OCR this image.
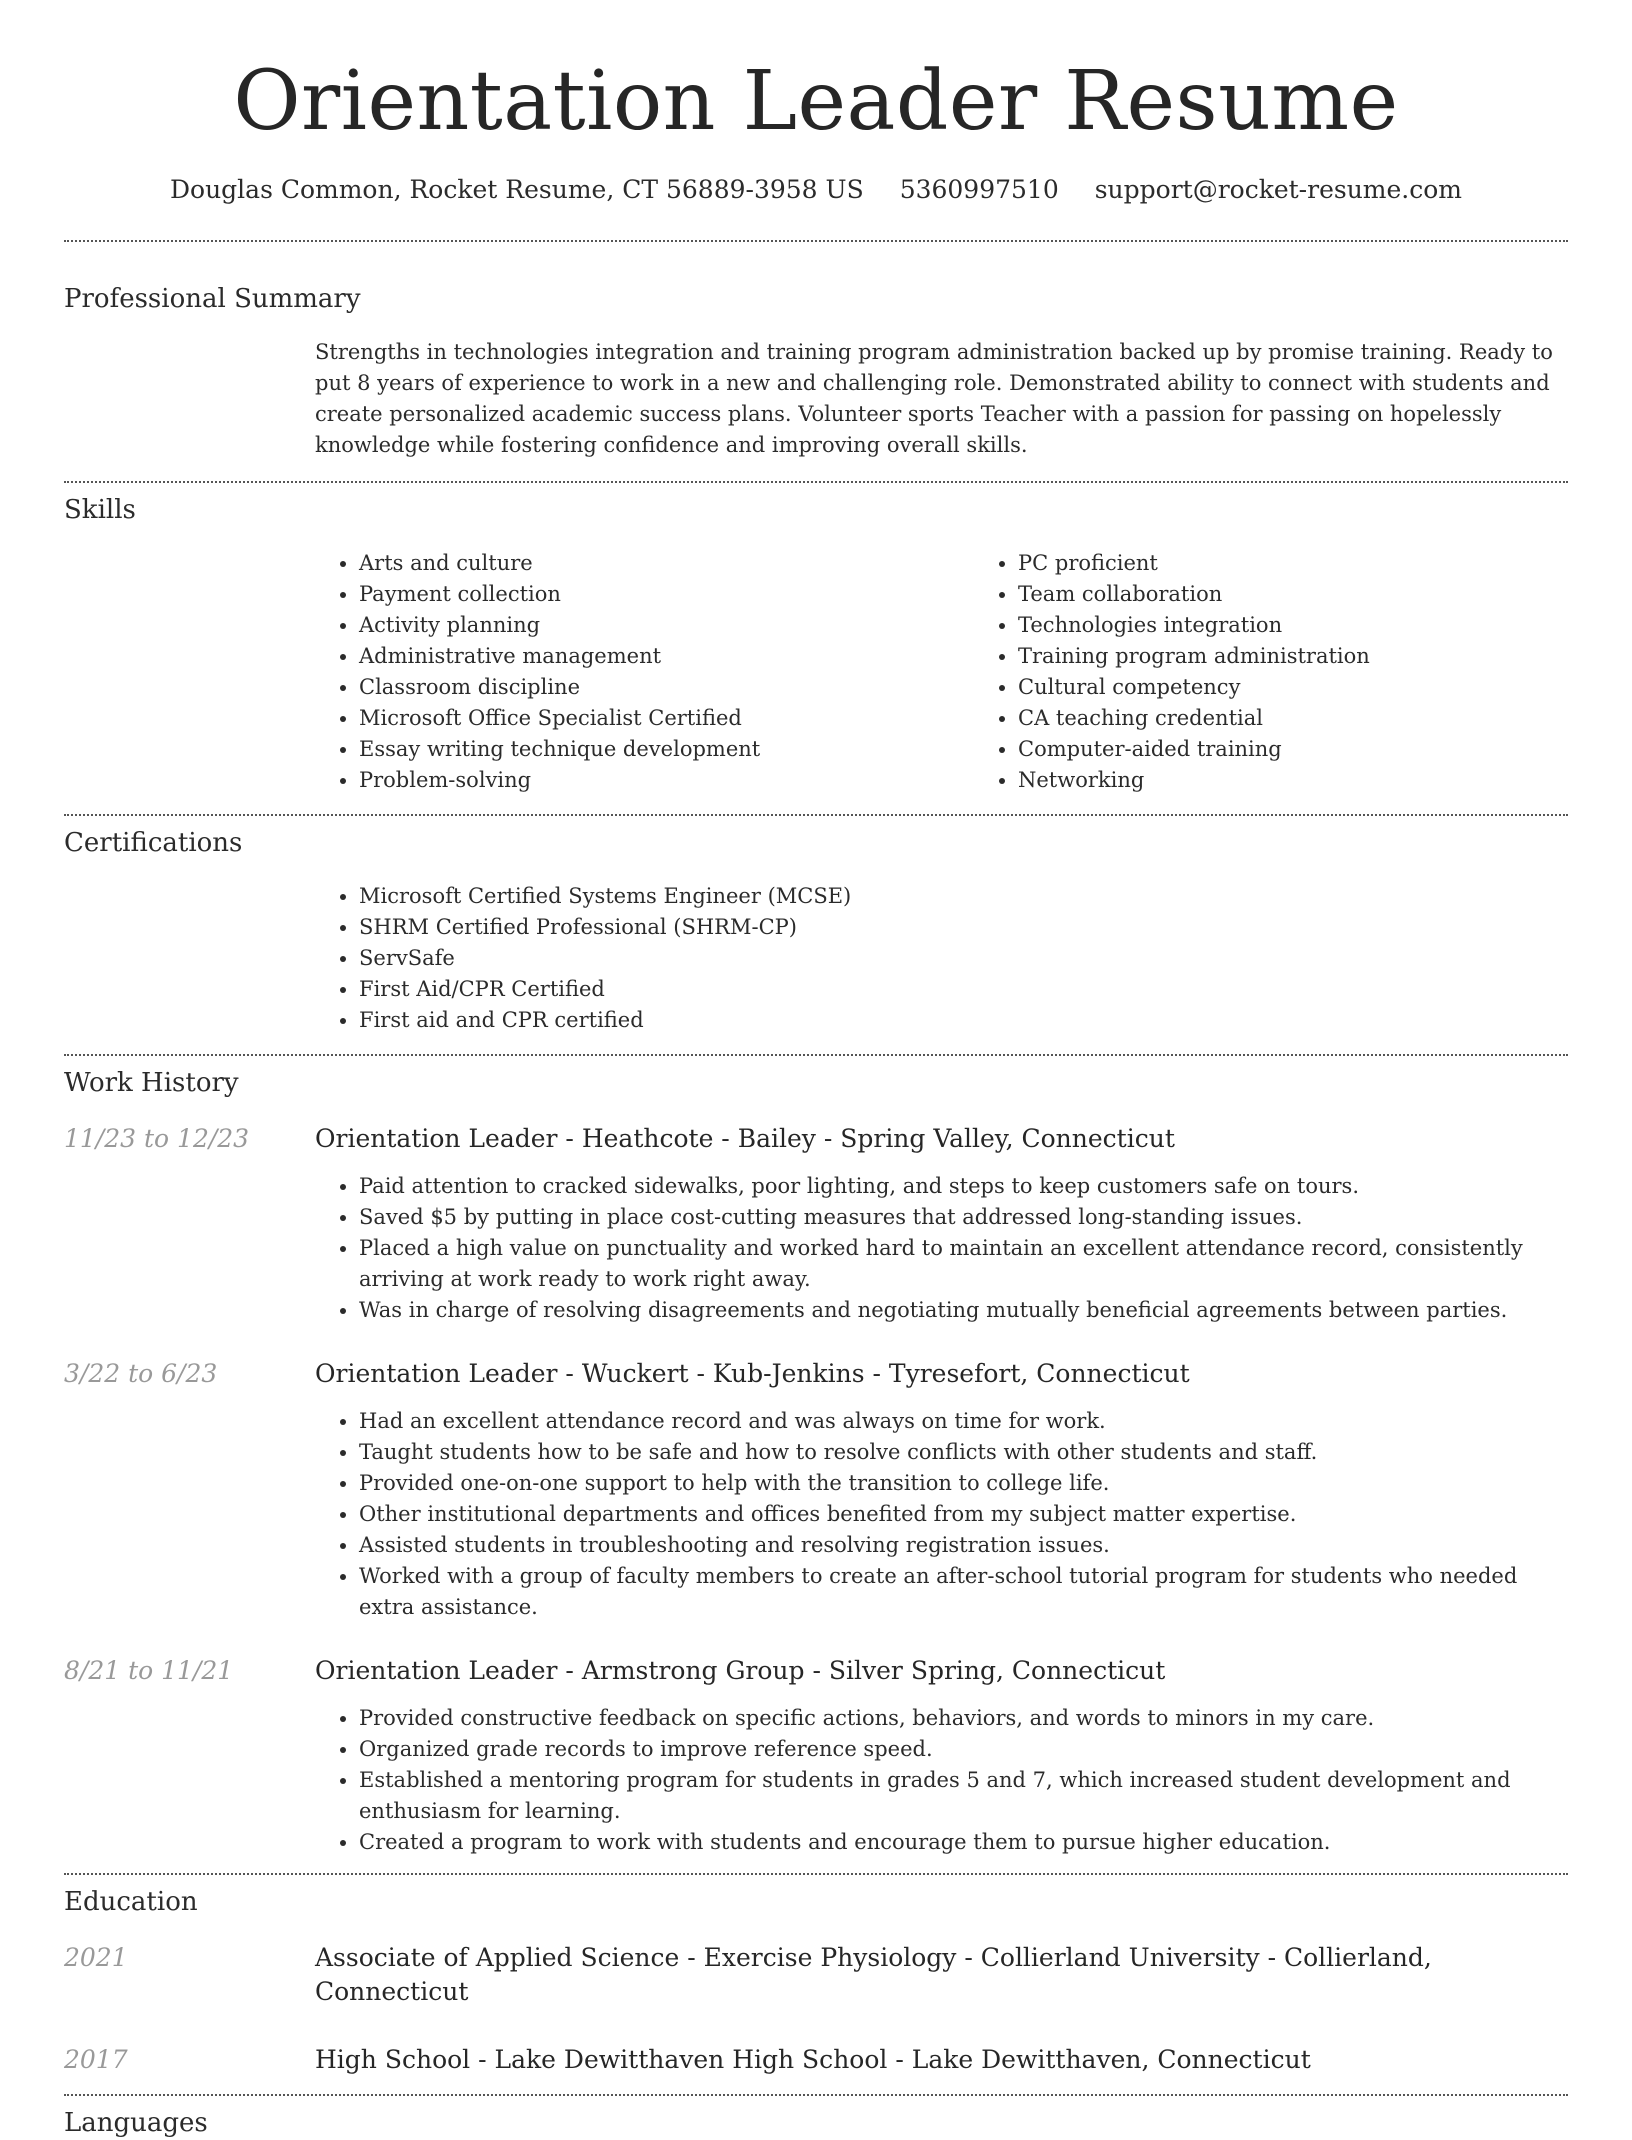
Orientation Leader Resume
Douglas Common, Rocket Resume, CT 56889-3958 US 5360997510 support@rocket-resume.com
Professional Summary

Strengths in technologies integration and training program administration backed up by promise training. Ready to put 8 years of experience to work in a new and challenging role. Demonstrated ability to connect with students and create personalized academic success plans. Volunteer sports Teacher with a passion for passing on hopelessly knowledge while fostering confidence and improving overall skills.

Skills
• Arts and culture
• Payment collection
• Activity planning
• Administrative management
• Classroom discipline
• Microsoft Office Specialist Certified
• Essay writing technique development
• Problem-solving
• PC proficient
• Team collaboration
• Technologies integration
• Training program administration
• Cultural competency
• CA teaching credential
• Computer-aided training
• Networking
Certifications
• Microsoft Certified Systems Engineer (MCSE)
• SHRM Certified Professional (SHRM-CP)
• ServSafe
• First Aid/CPR Certified
• First aid and CPR certified
Work History
11/23 to 12/23	Orientation Leader - Heathcote - Bailey - Spring Valley, Connecticut
• Paid attention to cracked sidewalks, poor lighting, and steps to keep customers safe on tours.
• Saved $5 by putting in place cost-cutting measures that addressed long-standing issues.
• Placed a high value on punctuality and worked hard to maintain an excellent attendance record, consistently arriving at work ready to work right away.
• Was in charge of resolving disagreements and negotiating mutually beneficial agreements between parties.
3/22 to 6/23	Orientation Leader - Wuckert - Kub-Jenkins - Tyresefort, Connecticut
• Had an excellent attendance record and was always on time for work.
• Taught students how to be safe and how to resolve conflicts with other students and staff.
• Provided one-on-one support to help with the transition to college life.
• Other institutional departments and offices benefited from my subject matter expertise.
• Assisted students in troubleshooting and resolving registration issues.
• Worked with a group of faculty members to create an after-school tutorial program for students who needed extra assistance.
8/21 to 11/21	Orientation Leader - Armstrong Group - Silver Spring, Connecticut
• Provided constructive feedback on specific actions, behaviors, and words to minors in my care.
• Organized grade records to improve reference speed.
• Established a mentoring program for students in grades 5 and 7, which increased student development and enthusiasm for learning.
• Created a program to work with students and encourage them to pursue higher education.
Education
2021	Associate of Applied Science - Exercise Physiology - Collierland University - Collierland, Connecticut
2017	High School - Lake Dewitthaven High School - Lake Dewitthaven, Connecticut
Languages
